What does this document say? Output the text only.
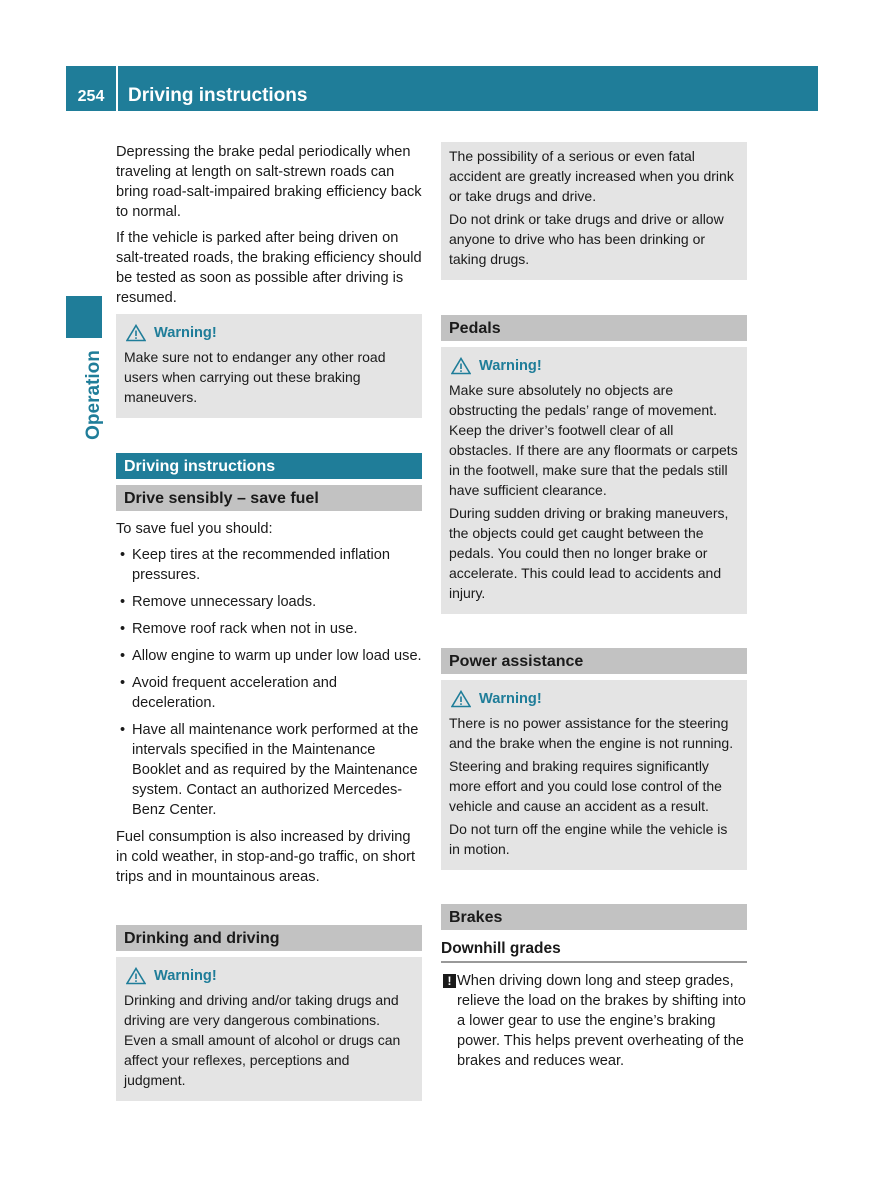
254	Driving instructions
Operation

Depressing the brake pedal periodically when traveling at length on salt-strewn roads can bring road-salt-impaired braking efficiency back to normal.

If the vehicle is parked after being driven on salt-treated roads, the braking efficiency should be tested as soon as possible after driving is resumed.

Warning!

Make sure not to endanger any other road users when carrying out these braking maneuvers.

Driving instructions
Drive sensibly – save fuel

To save fuel you should:

• Keep tires at the recommended inflation pressures.
• Remove unnecessary loads.
• Remove roof rack when not in use.
• Allow engine to warm up under low load use.
• Avoid frequent acceleration and deceleration.
• Have all maintenance work performed at the intervals specified in the Maintenance Booklet and as required by the Maintenance system. Contact an authorized Mercedes-Benz Center.

Fuel consumption is also increased by driving in cold weather, in stop-and-go traffic, on short trips and in mountainous areas.

Drinking and driving
Warning!

Drinking and driving and/or taking drugs and driving are very dangerous combinations. Even a small amount of alcohol or drugs can affect your reflexes, perceptions and judgment.

The possibility of a serious or even fatal accident are greatly increased when you drink or take drugs and drive.

Do not drink or take drugs and drive or allow anyone to drive who has been drinking or taking drugs.

Pedals
Warning!

Make sure absolutely no objects are obstructing the pedals’ range of movement. Keep the driver’s footwell clear of all obstacles. If there are any floormats or carpets in the footwell, make sure that the pedals still have sufficient clearance.

During sudden driving or braking maneuvers, the objects could get caught between the pedals. You could then no longer brake or accelerate. This could lead to accidents and injury.

Power assistance
Warning!

There is no power assistance for the steering and the brake when the engine is not running.

Steering and braking requires significantly more effort and you could lose control of the vehicle and cause an accident as a result.

Do not turn off the engine while the vehicle is in motion.

Brakes
Downhill grades
! When driving down long and steep grades, relieve the load on the brakes by shifting into a lower gear to use the engine’s braking power. This helps prevent overheating of the brakes and reduces wear.
